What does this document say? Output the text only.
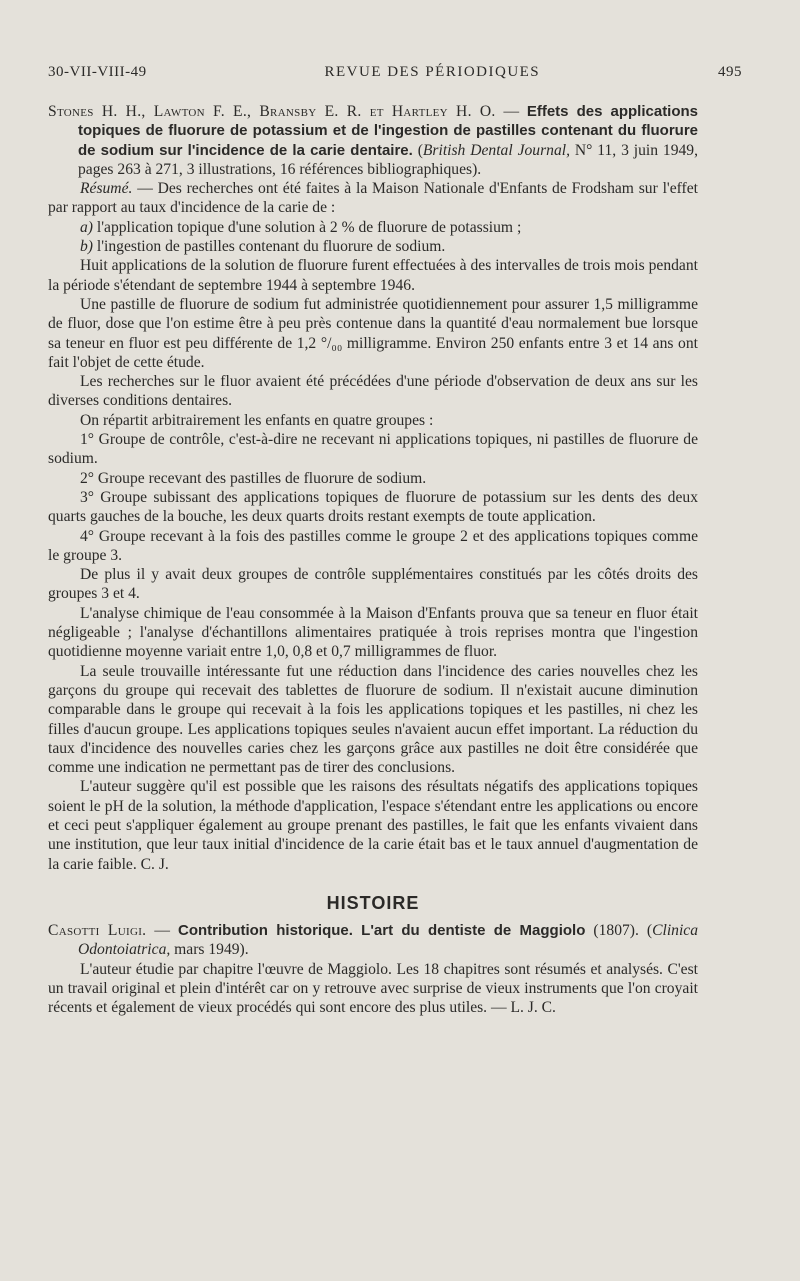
30-VII-VIII-49	REVUE DES PÉRIODIQUES	495

Stones H. H., Lawton F. E., Bransby E. R. et Hartley H. O. — Effets des applications topiques de fluorure de potassium et de l'ingestion de pastilles contenant du fluorure de sodium sur l'incidence de la carie dentaire. (British Dental Journal, N° 11, 3 juin 1949, pages 263 à 271, 3 illustrations, 16 références bibliographiques).

Résumé. — Des recherches ont été faites à la Maison Nationale d'Enfants de Frodsham sur l'effet par rapport au taux d'incidence de la carie de :

a) l'application topique d'une solution à 2 % de fluorure de potassium ;

b) l'ingestion de pastilles contenant du fluorure de sodium.

Huit applications de la solution de fluorure furent effectuées à des intervalles de trois mois pendant la période s'étendant de septembre 1944 à septembre 1946.

Une pastille de fluorure de sodium fut administrée quotidiennement pour assurer 1,5 milligramme de fluor, dose que l'on estime être à peu près contenue dans la quantité d'eau normalement bue lorsque sa teneur en fluor est peu différente de 1,2 °/₀₀ milligramme. Environ 250 enfants entre 3 et 14 ans ont fait l'objet de cette étude.

Les recherches sur le fluor avaient été précédées d'une période d'observation de deux ans sur les diverses conditions dentaires.

On répartit arbitrairement les enfants en quatre groupes :

1° Groupe de contrôle, c'est-à-dire ne recevant ni applications topiques, ni pastilles de fluorure de sodium.

2° Groupe recevant des pastilles de fluorure de sodium.

3° Groupe subissant des applications topiques de fluorure de potassium sur les dents des deux quarts gauches de la bouche, les deux quarts droits restant exempts de toute application.

4° Groupe recevant à la fois des pastilles comme le groupe 2 et des applications topiques comme le groupe 3.

De plus il y avait deux groupes de contrôle supplémentaires constitués par les côtés droits des groupes 3 et 4.

L'analyse chimique de l'eau consommée à la Maison d'Enfants prouva que sa teneur en fluor était négligeable ; l'analyse d'échantillons alimentaires pratiquée à trois reprises montra que l'ingestion quotidienne moyenne variait entre 1,0, 0,8 et 0,7 milligrammes de fluor.

La seule trouvaille intéressante fut une réduction dans l'incidence des caries nouvelles chez les garçons du groupe qui recevait des tablettes de fluorure de sodium. Il n'existait aucune diminution comparable dans le groupe qui recevait à la fois les applications topiques et les pastilles, ni chez les filles d'aucun groupe. Les applications topiques seules n'avaient aucun effet important. La réduction du taux d'incidence des nouvelles caries chez les garçons grâce aux pastilles ne doit être considérée que comme une indication ne permettant pas de tirer des conclusions.

L'auteur suggère qu'il est possible que les raisons des résultats négatifs des applications topiques soient le pH de la solution, la méthode d'application, l'espace s'étendant entre les applications ou encore et ceci peut s'appliquer également au groupe prenant des pastilles, le fait que les enfants vivaient dans une institution, que leur taux initial d'incidence de la carie était bas et le taux annuel d'augmentation de la carie faible. C. J.

HISTOIRE

Casotti Luigi. — Contribution historique. L'art du dentiste de Maggiolo (1807). (Clinica Odontoiatrica, mars 1949).

L'auteur étudie par chapitre l'œuvre de Maggiolo. Les 18 chapitres sont résumés et analysés. C'est un travail original et plein d'intérêt car on y retrouve avec surprise de vieux instruments que l'on croyait récents et également de vieux procédés qui sont encore des plus utiles. — L. J. C.
